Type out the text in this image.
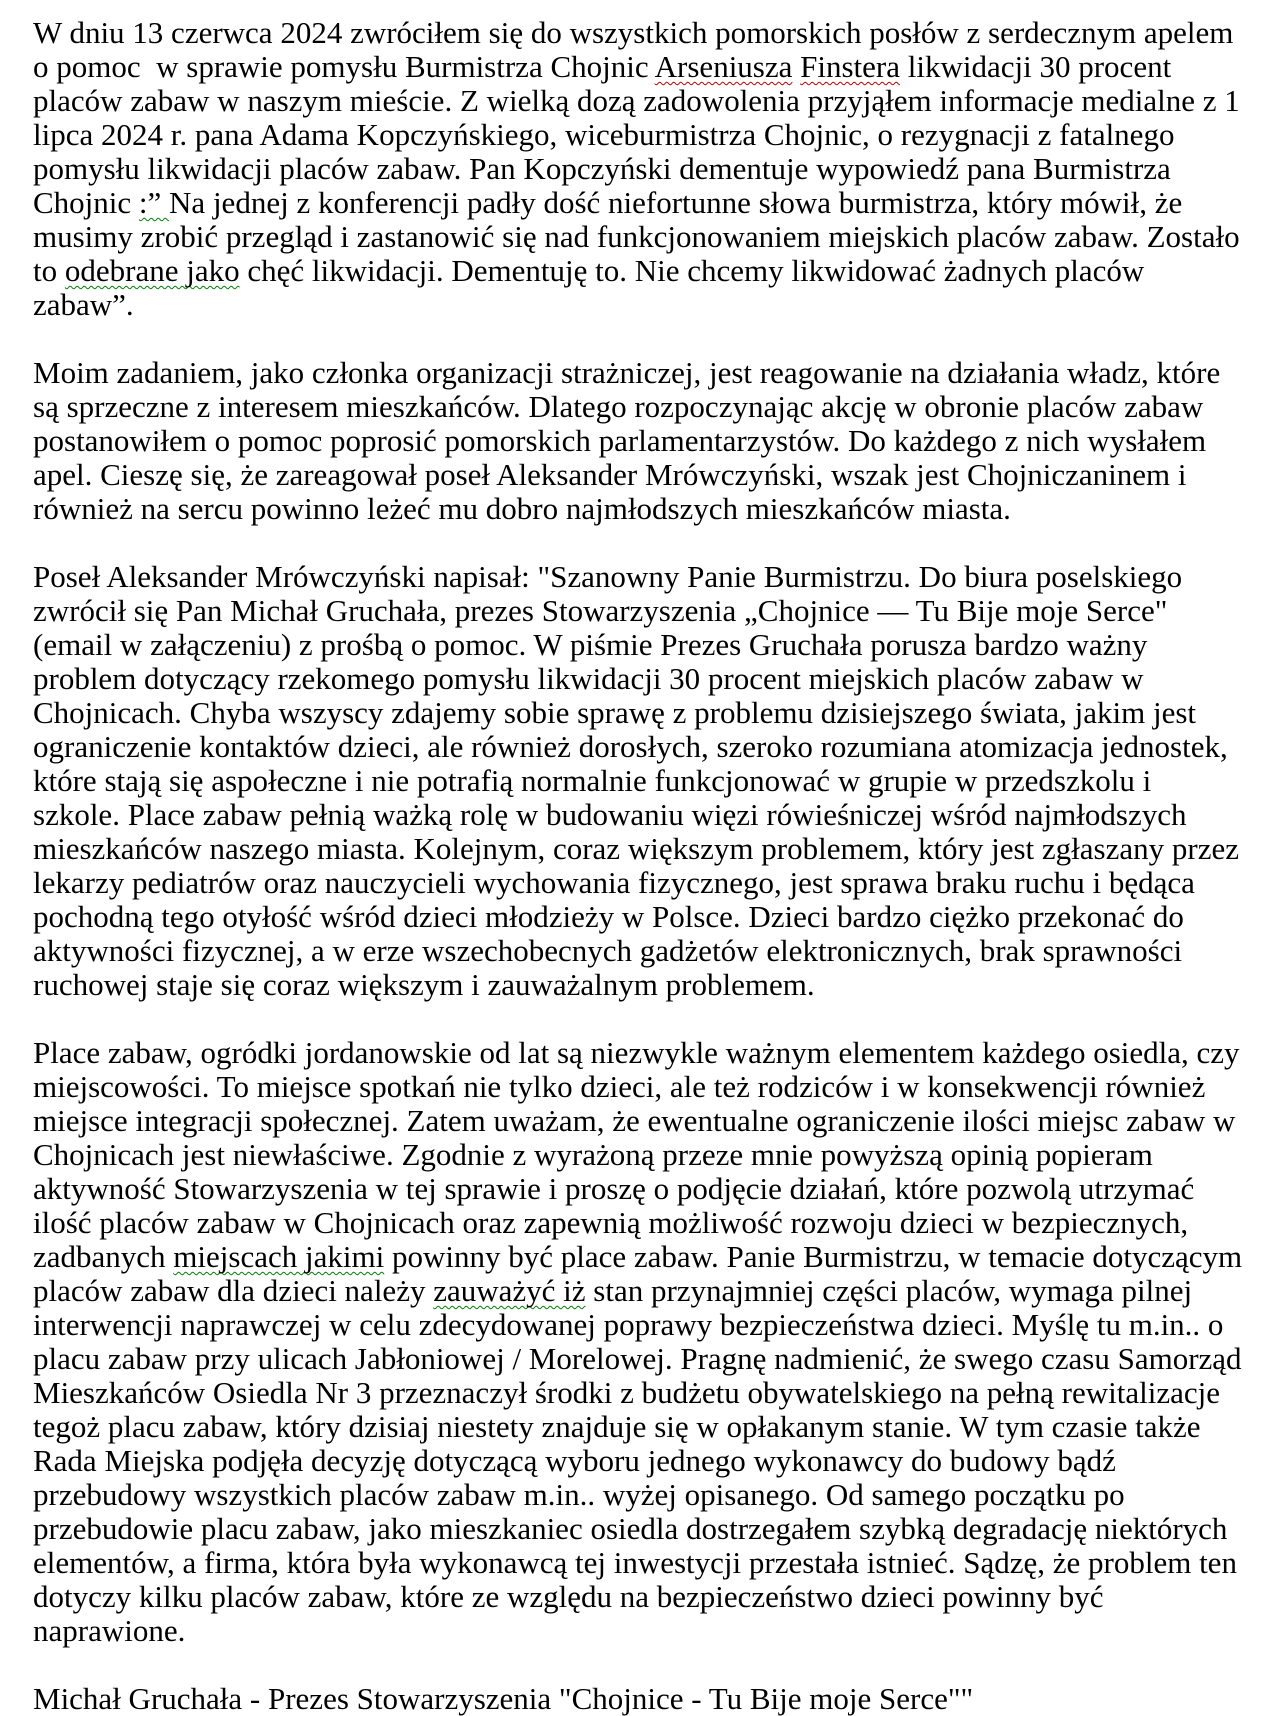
W dniu 13 czerwca 2024 zwróciłem się do wszystkich pomorskich posłów z serdecznym apelem o pomoc  w sprawie pomysłu Burmistrza Chojnic Arseniusza Finstera likwidacji 30 procent placów zabaw w naszym mieście. Z wielką dozą zadowolenia przyjąłem informacje medialne z 1 lipca 2024 r. pana Adama Kopczyńskiego, wiceburmistrza Chojnic, o rezygnacji z fatalnego pomysłu likwidacji placów zabaw. Pan Kopczyński dementuje wypowiedź pana Burmistrza Chojnic :” Na jednej z konferencji padły dość niefortunne słowa burmistrza, który mówił, że musimy zrobić przegląd i zastanowić się nad funkcjonowaniem miejskich placów zabaw. Zostało to odebrane jako chęć likwidacji. Dementuję to. Nie chcemy likwidować żadnych placów zabaw”.

Moim zadaniem, jako członka organizacji strażniczej, jest reagowanie na działania władz, które są sprzeczne z interesem mieszkańców. Dlatego rozpoczynając akcję w obronie placów zabaw postanowiłem o pomoc poprosić pomorskich parlamentarzystów. Do każdego z nich wysłałem apel. Cieszę się, że zareagował poseł Aleksander Mrówczyński, wszak jest Chojniczaninem i również na sercu powinno leżeć mu dobro najmłodszych mieszkańców miasta.

Poseł Aleksander Mrówczyński napisał: "Szanowny Panie Burmistrzu. Do biura poselskiego zwrócił się Pan Michał Gruchała, prezes Stowarzyszenia „Chojnice — Tu Bije moje Serce" (email w załączeniu) z prośbą o pomoc. W piśmie Prezes Gruchała porusza bardzo ważny problem dotyczący rzekomego pomysłu likwidacji 30 procent miejskich placów zabaw w Chojnicach. Chyba wszyscy zdajemy sobie sprawę z problemu dzisiejszego świata, jakim jest ograniczenie kontaktów dzieci, ale również dorosłych, szeroko rozumiana atomizacja jednostek, które stają się aspołeczne i nie potrafią normalnie funkcjonować w grupie w przedszkolu i szkole. Place zabaw pełnią ważką rolę w budowaniu więzi rówieśniczej wśród najmłodszych mieszkańców naszego miasta. Kolejnym, coraz większym problemem, który jest zgłaszany przez lekarzy pediatrów oraz nauczycieli wychowania fizycznego, jest sprawa braku ruchu i będąca pochodną tego otyłość wśród dzieci młodzieży w Polsce. Dzieci bardzo ciężko przekonać do aktywności fizycznej, a w erze wszechobecnych gadżetów elektronicznych, brak sprawności ruchowej staje się coraz większym i zauważalnym problemem.

Place zabaw, ogródki jordanowskie od lat są niezwykle ważnym elementem każdego osiedla, czy miejscowości. To miejsce spotkań nie tylko dzieci, ale też rodziców i w konsekwencji również miejsce integracji społecznej. Zatem uważam, że ewentualne ograniczenie ilości miejsc zabaw w Chojnicach jest niewłaściwe. Zgodnie z wyrażoną przeze mnie powyższą opinią popieram aktywność Stowarzyszenia w tej sprawie i proszę o podjęcie działań, które pozwolą utrzymać ilość placów zabaw w Chojnicach oraz zapewnią możliwość rozwoju dzieci w bezpiecznych, zadbanych miejscach jakimi powinny być place zabaw. Panie Burmistrzu, w temacie dotyczącym placów zabaw dla dzieci należy zauważyć iż stan przynajmniej części placów, wymaga pilnej interwencji naprawczej w celu zdecydowanej poprawy bezpieczeństwa dzieci. Myślę tu m.in.. o placu zabaw przy ulicach Jabłoniowej / Morelowej. Pragnę nadmienić, że swego czasu Samorząd Mieszkańców Osiedla Nr 3 przeznaczył środki z budżetu obywatelskiego na pełną rewitalizacje tegoż placu zabaw, który dzisiaj niestety znajduje się w opłakanym stanie. W tym czasie także Rada Miejska podjęła decyzję dotyczącą wyboru jednego wykonawcy do budowy bądź przebudowy wszystkich placów zabaw m.in.. wyżej opisanego. Od samego początku po przebudowie placu zabaw, jako mieszkaniec osiedla dostrzegałem szybką degradację niektórych elementów, a firma, która była wykonawcą tej inwestycji przestała istnieć. Sądzę, że problem ten dotyczy kilku placów zabaw, które ze względu na bezpieczeństwo dzieci powinny być naprawione.

Michał Gruchała - Prezes Stowarzyszenia "Chojnice - Tu Bije moje Serce""
